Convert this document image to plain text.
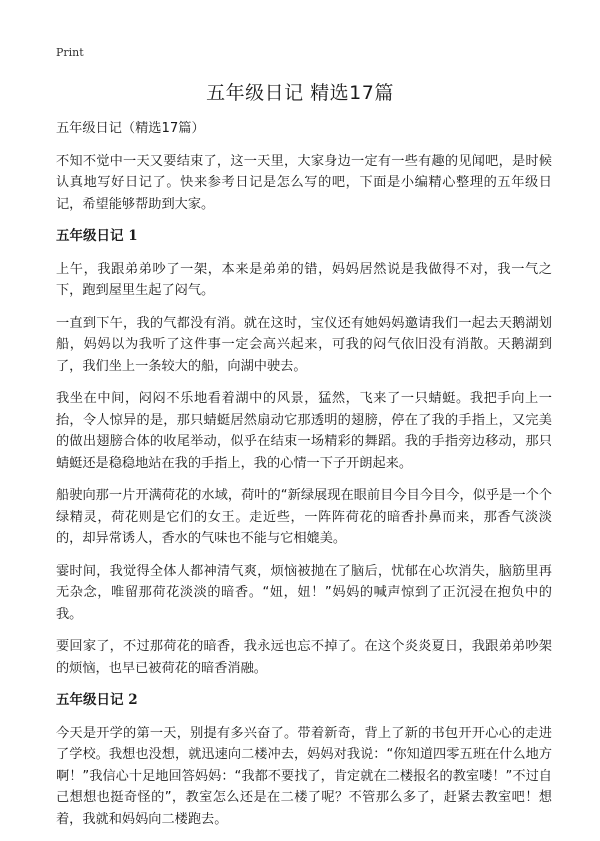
Print
五年级日记 精选17篇
五年级日记（精选17篇）

不知不觉中一天又要结束了，这一天里，大家身边一定有一些有趣的见闻吧，是时候认真地写好日记了。快来参考日记是怎么写的吧，下面是小编精心整理的五年级日记，希望能够帮助到大家。

五年级日记 1

上午，我跟弟弟吵了一架，本来是弟弟的错，妈妈居然说是我做得不对，我一气之下，跑到屋里生起了闷气。

一直到下午，我的气都没有消。就在这时，宝仪还有她妈妈邀请我们一起去天鹅湖划船，妈妈以为我听了这件事一定会高兴起来，可我的闷气依旧没有消散。天鹅湖到了，我们坐上一条较大的船，向湖中驶去。

我坐在中间，闷闷不乐地看着湖中的风景，猛然，飞来了一只蜻蜓。我把手向上一抬，令人惊异的是，那只蜻蜓居然扇动它那透明的翅膀，停在了我的手指上，又完美的做出翅膀合体的收尾举动，似乎在结束一场精彩的舞蹈。我的手指旁边移动，那只蜻蜓还是稳稳地站在我的手指上，我的心情一下子开朗起来。

船驶向那一片开满荷花的水域，荷叶的“新绿展现在眼前目今目今目今，似乎是一个个绿精灵，荷花则是它们的女王。走近些，一阵阵荷花的暗香扑鼻而来，那香气淡淡的，却异常诱人，香水的气味也不能与它相媲美。

霎时间，我觉得全体人都神清气爽，烦恼被抛在了脑后，忧郁在心坎消失，脑筋里再无杂念，唯留那荷花淡淡的暗香。“妞，妞！”妈妈的喊声惊到了正沉浸在抱负中的我。

要回家了，不过那荷花的暗香，我永远也忘不掉了。在这个炎炎夏日，我跟弟弟吵架的烦恼，也早已被荷花的暗香消融。

五年级日记 2

今天是开学的第一天，别提有多兴奋了。带着新奇，背上了新的书包开开心心的走进了学校。我想也没想，就迅速向二楼冲去，妈妈对我说：“你知道四零五班在什么地方啊！”我信心十足地回答妈妈：“我都不要找了，肯定就在二楼报名的教室喽！”不过自己想想也挺奇怪的”，教室怎么还是在二楼了呢？不管那么多了，赶紧去教室吧！想着，我就和妈妈向二楼跑去。
